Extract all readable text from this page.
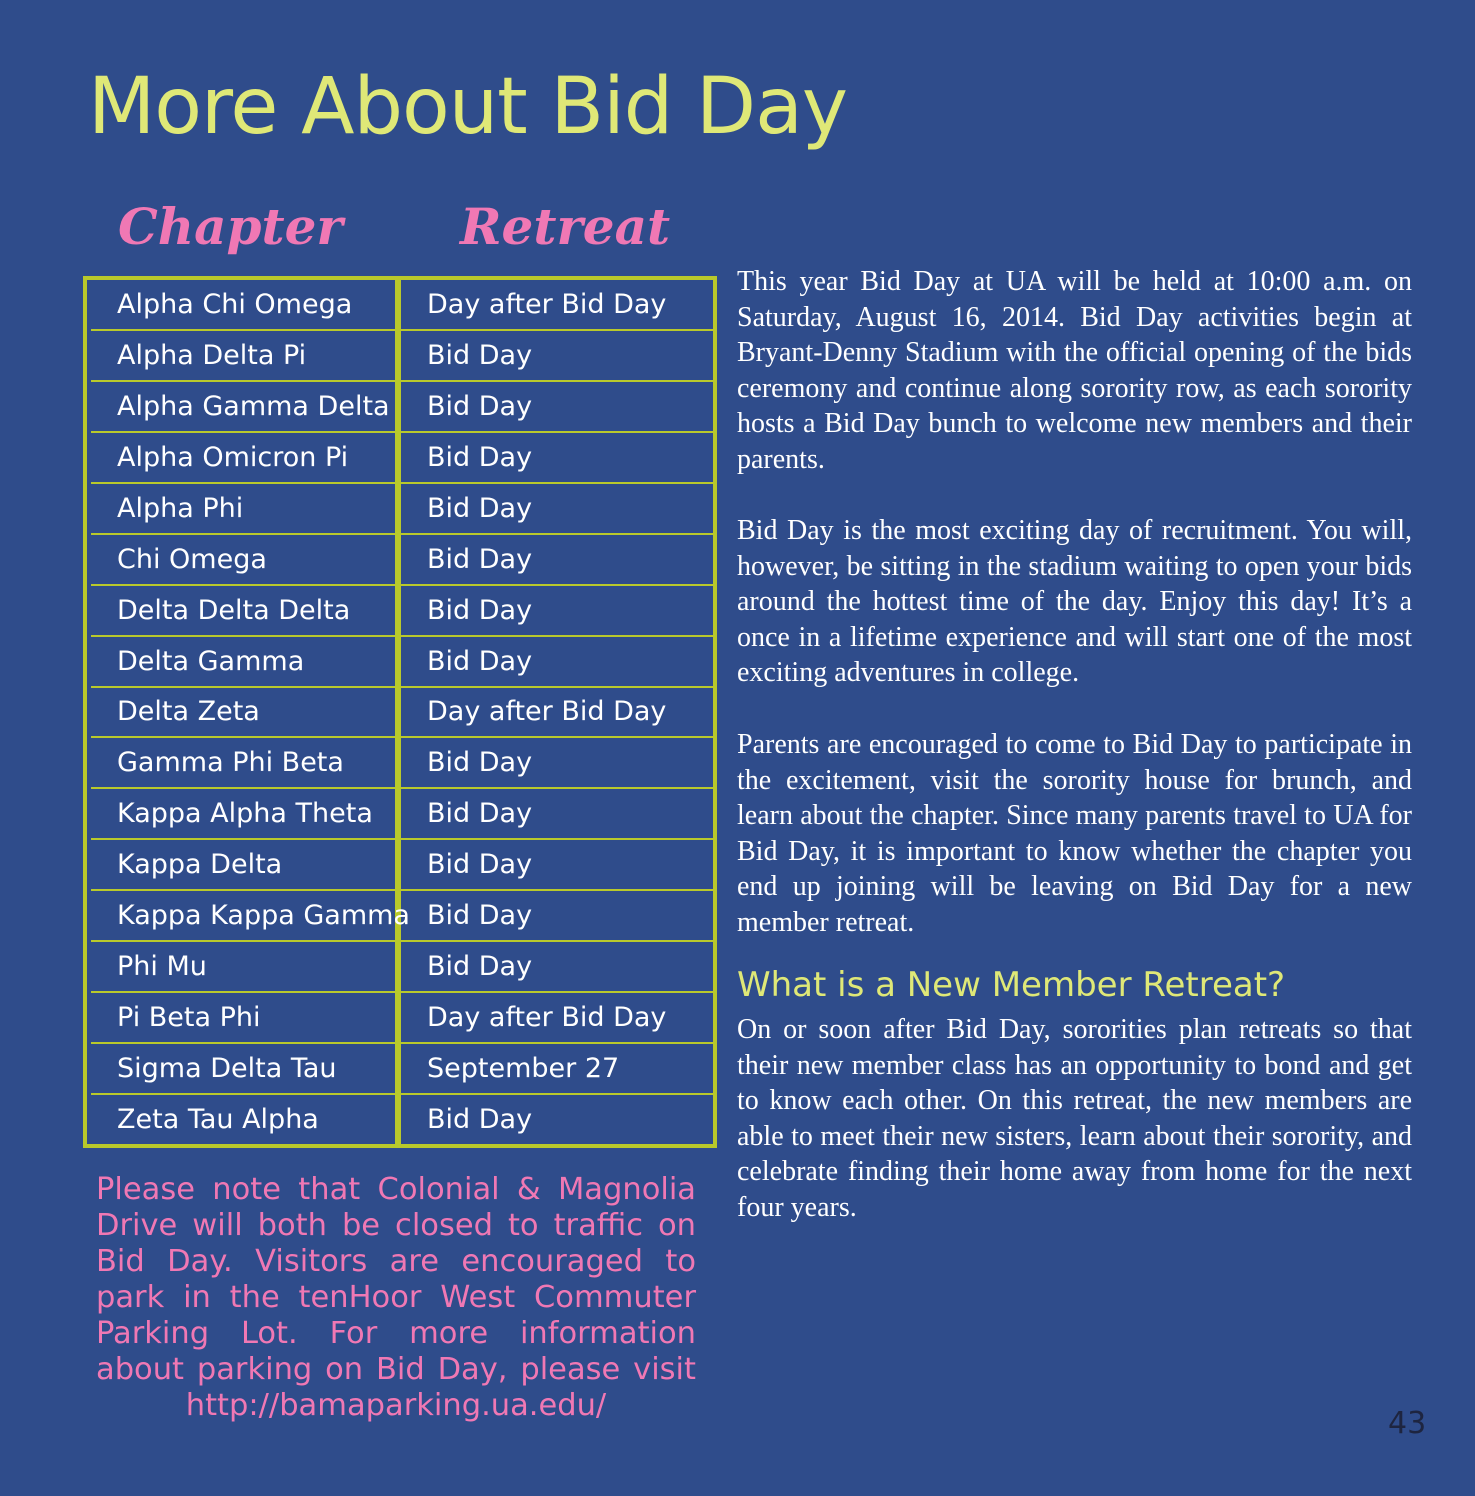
More About Bid Day
Chapter Retreat
Alpha Chi Omega
Alpha Delta Pi
Alpha Gamma Delta
Alpha Omicron Pi
Alpha Phi
Chi Omega
Delta Delta Delta
Delta Gamma
Delta Zeta
Gamma Phi Beta
Kappa Alpha Theta
Kappa Delta
Kappa Kappa Gamma
Phi Mu
Pi Beta Phi
Sigma Delta Tau
Zeta Tau Alpha
Day after Bid Day
Bid Day
Bid Day
Bid Day
Bid Day
Bid Day
Bid Day
Bid Day
Day after Bid Day
Bid Day
Bid Day
Bid Day
Bid Day
Bid Day
Day after Bid Day
September 27
Bid Day

Please note that Colonial & Magnolia Drive will both be closed to traffic on Bid Day. Visitors are encouraged to park in the tenHoor West Commuter Parking Lot. For more information about parking on Bid Day, please visit http://bamaparking.ua.edu/

This year Bid Day at UA will be held at 10:00 a.m. on Saturday, August 16, 2014. Bid Day activities begin at Bryant-Denny Stadium with the official opening of the bids ceremony and continue along sorority row, as each sorority hosts a Bid Day bunch to welcome new members and their parents.

Bid Day is the most exciting day of recruitment. You will, however, be sitting in the stadium waiting to open your bids around the hottest time of the day. Enjoy this day! It’s a once in a lifetime experience and will start one of the most exciting adventures in college.

Parents are encouraged to come to Bid Day to participate in the excitement, visit the sorority house for brunch, and learn about the chapter. Since many parents travel to UA for Bid Day, it is important to know whether the chapter you end up joining will be leaving on Bid Day for a new member retreat.

What is a New Member Retreat?

On or soon after Bid Day, sororities plan retreats so that their new member class has an opportunity to bond and get to know each other. On this retreat, the new members are able to meet their new sisters, learn about their sorority, and celebrate finding their home away from home for the next four years.

43
